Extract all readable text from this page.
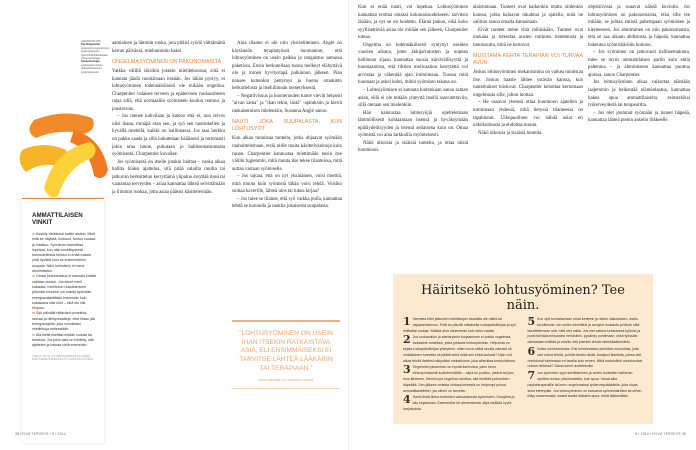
ASIANTUNTIJAT
Pia Charpentier
psykologi ja kognitiivinen psykoterapeutti, Syömishäiriökeskuksen toiminnanjohtaja
Susanna Anglé
psykologian tohtori, ratkaisukeskeinen psykoterapeutti
AMMATTILAISEN VINKIT

➡ Keskity herkkuusi kaikin aistein. Mieti mitä se näyttää, tuoksuu, tuntuu suussa ja maistuu. Syöminen kannattaa lopettaa, kun näin keskittyneesti tunnustellessa herkku ei enää maistu yhtä hyvältä kuin se ensimmäinen suupala. Näin herkuttelu ei mene ahmimiseksi.

➡ Omaa lohtuherkkua ei kannata yrittää vaihtaa muuksi. Jos tekee mieli suklaata, mielitekon hukuttaminen johonkin muuhun voi saada syömään energiamäärältään enemmän kuin suklaassa olisi ollut – eikä olo silti helpotu.

➡ Syö päivällä riittävästi proteiinia, rasvaa ja hiilihydraatteja, ettei iltaan jää energiavajetta, joka voimistaisi mielitekoja entisestään.

➡ Älä kiellä itseltäsi mitään ruokaa tai herkkua. Jos jokin asia on kielletty, sitä ajattelee ja haluaa vielä enemmän.

VINKIT ANTOI SYÖMISHÄIRIÖKESKUKSEN RAVITSEMUSTERAPEUTTI ANNUKKA RUSKA.

aamiainen ja lämmin ruoka, jota pitäisi syödä välttämättä kerran päivässä, mieluummin kaksi.

ONGELMASYÖMINEN ON PAKONOMAISTA

Vaikka välillä söisikin jotakin mielitekoonsa, siitä ei kannata jäädä ruoskimaan itseään. Jos tähän pystyy, ei lohtusyöminen todennäköisesti ole mikään ongelma. Charpentier valaisee terveen ja epäterveen ruokasuhteen rajaa sillä, että normaaliin syömiseen kuuluu rentous ja joustavuus.

– Jos menee kahvilaan ja katsoo että ei, nuo leivos olisi ihana, minäpä otan sen, ja syö sen nautinkellen ja hyvällä mielellä, kaikki on hallinnassa. Jos taas herkku on pakko saada ja sillä hukutetaan häiäisesti ja tottomasti jokin oma tunne, puhutaan jo hallitsemattomasta syömisestä, Charpentier kuvailee.

Jos syömisestä on itselle jotakin haittaa – ruoka alkaa hallita liiaksi ajattelua, sitä pitää salailla muilta tai jatkuvan herkuttelun kerryttämä ylipaino ärsyttää itseä tai vaarantaa terveyden – asiaa kannattaa lähteä selvittämään ja liimmin ruokaa, jotta asiaa pääsisi käsittelemään.

Aina tilanne ei ole niin yksiselitteinen. Anglé on käytännön terapiatyössä huomannut, että lohtusyöminen on usein paikka ja rangaistus samassa paketissa. Ensin herkutellaan tuona melkeyt elähyttävä olo ja toinen hyvitystapä palkinnon jälkeen. Pian nousee kuitenkin pettymys ja huono omatunto herkuttelusta ja itsehillinnän menetyksestä.

– Negatiivisuus ja huoneruuden tunne vievät helposti "aivan sama" ja "ihan tekin, läski" -ajatuksiin ja kierrä rankaisemisen mielenkiin, Susanna Anglé sanoo.

NAUTI JOKA SUUPALASTA, KUN LOHTUSYÖT

Kun alkaa tunnistaa tunteita, jotka ohjaavat syömään rauhoittelemaan, etsiä niille muita käsittelykeinoja kuin ruoan. Charpentier kannustaa miettimään ensin itse välilin lugienmin, mitä muuta itse tekee tilanteissa, mitä auttaa vastaan syömiselle.

– Jos tajuaa, että on nyt yksinäinen, voisi miettiä, mitä muuta kuin syömistä tähän voisi tehdä. Voisiko soittaa kaverille, lähteä ulos tai lukea kirjaa?

– Jos tulee se tilanne, että syö vaikka pulla, kannattaa tehdä se kunnolla ja nauttia jokaisesta suupalasta.

”LOHTUSYÖMINEN ON USEIN IHAN ITSEKIN RATKAISTAVA ASIA, ELI ENSIMMÄISEKSI EI TARVITSE LÄHTEÄ LÄÄKÄRIN TAI TERAPIAAN.”
PSYKOTERAPEUTTI SUSANNA ANGLÉ
38 HYVÄ TERVEYS / 9 / 2014

Kun ei enää nauti, voi lopettaa. Lohtusyöminen kannattaa erottaa omaksi kokonaisuudekseen: tarvitsin tänään, ja nyt se on hoidettu. Elämä jatkuu, eikä koko syyllisettävää asiaa ole mitään sen jälkeen, Charpentier toteaa.

Ongelma on todennäköisesti syntynyt useiden vuosien aikana, joten äkkijarrutusten ja nopean hallinnan sijaan kannattaa suosia kärsivällisyyttä ja huomaamista, että tilttien motivaation kerrytettä voi arvostaa ja vähentää ajan imitoimaan. Tuossa mitä huomaat ja askel kohti, mihin syömisen takana on.

– Lohtusyömisen ei kannata kuitenkaan sanoa saman asian, sillä ei ole mitään yhteyttä itsellä saavutettaviin, sillä otetaan sen mielenkiin.

Hän kannustaa lohtusyöjiä opettelemaan lämmöllisesti kohtaamaan itsensä ja hyväksymään epätäydellisyyden ja itsensä sellaisena kuin on. Omaa syömistä voi aina tarkkailla myönteisesti.

Näkö ulkoisia ja sisäisiä tunteita, ja ottaa niistä huomioon.

alaistumaan. Tunteet ovat kaikenkin mutta niidenkin kanssa, jotka haluavat tukahtua ja ajatella, mitä ne sallitun sanoa omalta kannaltaan.

Eivät tunteet mene siitä mihinkään. Tunteet ovat mukana ja toteuttaa uusien rutiinien tuntemusta ja tietoisuutta, mitä ne kertovat.

MUISTAMA KEHTA TERAPIAN VOI TURVAA AVUN

Joskus lohtusyöminen mekanismina on vaikea tunnistaa itse. Joskus haaste lähtee ystävän kanssa, kun tuntemukset toistuvat. Charpentier kehottaa kertomaan ongelmasta sille, johon luottaa.

– He osaavat yleensä ottaa huomioon ajatellen ja toimimaan yhdessä, mitä tietyssä tilanteessa on tapahtunut. Ulkopuolinen voi nähdä asiat eri näkökulmasta ja ehdottaa muuta.

Näkö ulkoisia ja sisäisiä tunteita.

objektiivista ja osaavat nähdä kuvioita. Jos lohtusyöminen on pakonomaista, eikä sille tee mitään, se johtaa entistä pahempaan syömiseen ja kierteeseen. Jos ahmiminen on niin pakonomaista, että se saa aikaan ahdistusta ja häpeää, kannattaa hakeutua syömishäiriön hoitoon.

– Jos syöminen on jatkuvasti hallitsematonta, tulee se myös ammattilaisen pariin kuin ehtiä pahentua – ja ahmimiseen kannattaa puuttua ajoissa, sanoo Charpentier.

Jos lohtusyöminen alkaa vaikuttaa elämään laajemmin ja heikentää elämänlaatua, kannattaa hakea apua ammattilaiselta, esimerkiksi työterveydestä tai terapeutilta.

– Jos olet joutunut syömään ja tunnet häpeää, kannattaa lähteä pienin askelin liikkeelle.

Häiritsekö lohtusyöminen? Tee näin.

1 Varmista ettei jatkuvien mielitekojen taustalla ole nälkä tai vajaaravitsemus. Pidä se päivää mittaisella ruokapäiväkirjaa ja syö riittävästi ruokaa. Säästä aina vähemmän kuin keho vaatisi.

2 Jos ruokavalion ja ateriarytmin korjaaminen ei poista ongelmaa, tarkastele tunteitasi, jotka johtavat lohtusyömään. Helpointa on kirjata ruokapäiväkirjan yhteyteen, miten kova nälkä sinulla oikeasti oli, minkälainen tunnetila oli päällä sekä mikä sen ehkä laukaisi? Näin voit alkaa tehdä itsellesi näkyväksi mekanismia, joka aiheuttaa herkkuhimosi.

3 Ongelmien jakaminen on hyvää itsehoitoa, joten kerro lohtusyömisestä luottohenkilölle – olipa se puoliso, ystävä tai joku muu läheinen. Etenkin jos ongelma nolottaa, sitä lievittää puhuminen häpeältä. Sen jälkeen omasta lohtusyömisestä on helpompi puhua ammattilaisellekin, jos siihen on tarvetta.

4 Hanki lisää tietoa tunteiden vaikutuksesta syömiseen. Googleta ja käy kirjastossa. Esimerkiksi Irti ahmimisesta -kirja sisältää hyviä harjoituksia.

5 Kun opit tunnistamaan omat tunteesi ja niiden vaikutuksen, asetu tavoitteisiin: ole omien toiveittesi ja arvojesi mukaista ja lähde siitä tavoittelemaan sitä, mitä olet vailla. Jos olet vaikka turhautunut työhösi ja purat turhautuneisuutesi herkkuihin, pysähdy pohtimaan, mikä työssäsi oikeastaan mättää ja voisiko sitä jotenkin tehdä mielekkäämmäksi.

6 Iloitse onnistumisista. Etsi toiminnastasi pieniäkin muutoksia, joita olet voinut tehdä, ja kiitä itseäsi niistä. Analysoi tilanteita, joissa olet onnistunut toimimaan eri tavalla kuin ennen. Mikä mahdollisti onnistumiset noissa hetkissä? Sama toimii uudelleenkin.

7 Jos syömisen syyn selvittäminen ja omien tunteiden hallinnan opettelu tuntuu ylivoimaiselta, hae apua. Varaa aika psykoterapeutille tai kerro ongelmastasi työterveyslääkärille, joka ohjaa sinut eteenpäin. Jos lohtusyöminen on kasvanut syömishäiriöksi tai siihen liittyy masennusta, saatat tarvita lääkärin apua, ehkä lääkkeitäkin.

9 / 2014 / HYVÄ TERVEYS 39
